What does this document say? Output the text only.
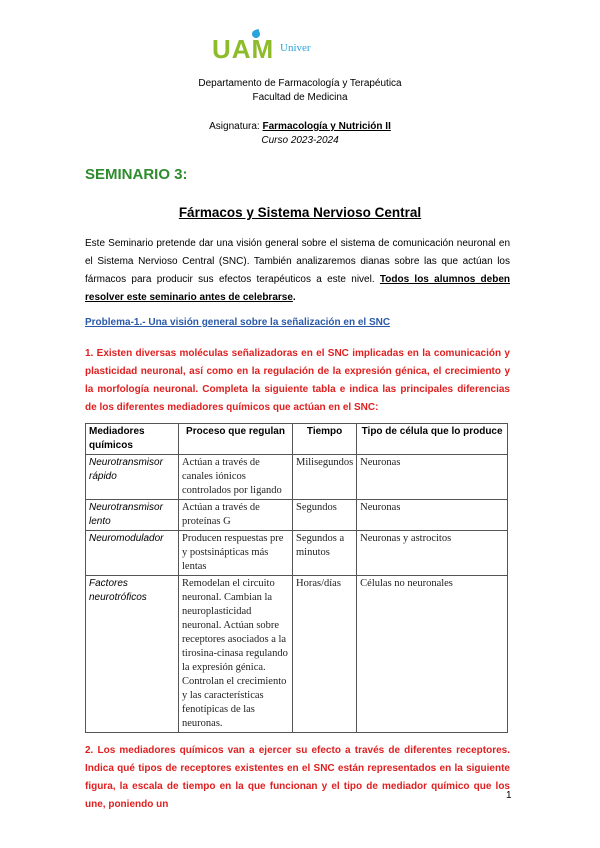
UAM Univer
Departamento de Farmacología y Terapéutica
Facultad de Medicina
Asignatura: Farmacología y Nutrición II
Curso 2023-2024
SEMINARIO 3:
Fármacos y Sistema Nervioso Central
Este Seminario pretende dar una visión general sobre el sistema de comunicación neuronal en el Sistema Nervioso Central (SNC). También analizaremos dianas sobre las que actúan los fármacos para producir sus efectos terapéuticos a este nivel. Todos los alumnos deben resolver este seminario antes de celebrarse.
Problema-1.- Una visión general sobre la señalización en el SNC
1. Existen diversas moléculas señalizadoras en el SNC implicadas en la comunicación y plasticidad neuronal, así como en la regulación de la expresión génica, el crecimiento y la morfología neuronal. Completa la siguiente tabla e indica las principales diferencias de los diferentes mediadores químicos que actúan en el SNC:
Mediadores químicos	Proceso que regulan	Tiempo	Tipo de célula que lo produce
Neurotransmisor rápido	Actúan a través de canales iónicos controlados por ligando	Milisegundos	Neuronas
Neurotransmisor lento	Actúan a través de proteínas G	Segundos	Neuronas
Neuromodulador	Producen respuestas pre y postsinápticas más lentas	Segundos a minutos	Neuronas y astrocitos
Factores neurotróficos	Remodelan el circuito neuronal. Cambian la neuroplasticidad neuronal. Actúan sobre receptores asociados a la tirosina-cinasa regulando la expresión génica. Controlan el crecimiento y las características fenotípicas de las neuronas.	Horas/días	Células no neuronales
2. Los mediadores químicos van a ejercer su efecto a través de diferentes receptores. Indica qué tipos de receptores existentes en el SNC están representados en la siguiente figura, la escala de tiempo en la que funcionan y el tipo de mediador químico que los une, poniendo un
1
